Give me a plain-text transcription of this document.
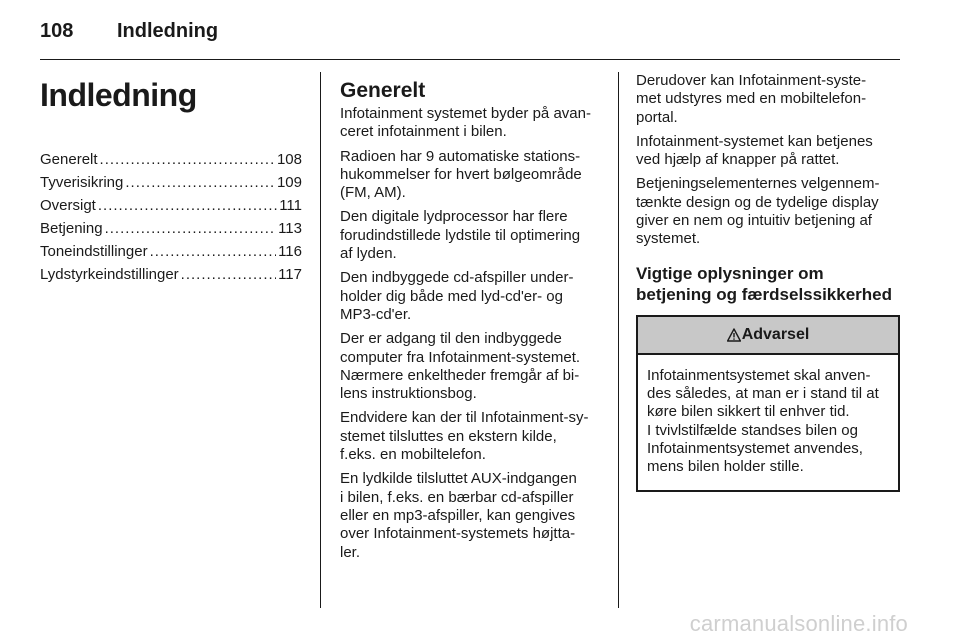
108 Indledning
Indledning
Generelt .....	108
Tyverisikring .....	109
Oversigt .....	111
Betjening .....	113
Toneindstillinger .....	116
Lydstyrkeindstillinger .....	117
Generelt

Infotainment systemet byder på avan-
ceret infotainment i bilen.

Radioen har 9 automatiske stations-
hukommelser for hvert bølgeområde
(FM, AM).

Den digitale lydprocessor har flere
forudindstillede lydstile til optimering
af lyden.

Den indbyggede cd-afspiller under-
holder dig både med lyd-cd'er- og
MP3-cd'er.

Der er adgang til den indbyggede
computer fra Infotainment-systemet.
Nærmere enkeltheder fremgår af bi-
lens instruktionsbog.

Endvidere kan der til Infotainment-sy-
stemet tilsluttes en ekstern kilde,
f.eks. en mobiltelefon.

En lydkilde tilsluttet AUX-indgangen
i bilen, f.eks. en bærbar cd-afspiller
eller en mp3-afspiller, kan gengives
over Infotainment-systemets højtta-
ler.

Derudover kan Infotainment-syste-
met udstyres med en mobiltelefon-
portal.

Infotainment-systemet kan betjenes
ved hjælp af knapper på rattet.

Betjeningselementernes velgennem-
tænkte design og de tydelige display
giver en nem og intuitiv betjening af
systemet.

Vigtige oplysninger om
betjening og færdselssikkerhed
Advarsel

Infotainmentsystemet skal anven-
des således, at man er i stand til at
køre bilen sikkert til enhver tid.

I tvivlstilfælde standses bilen og
Infotainmentsystemet anvendes,
mens bilen holder stille.

carmanualsonline.info
